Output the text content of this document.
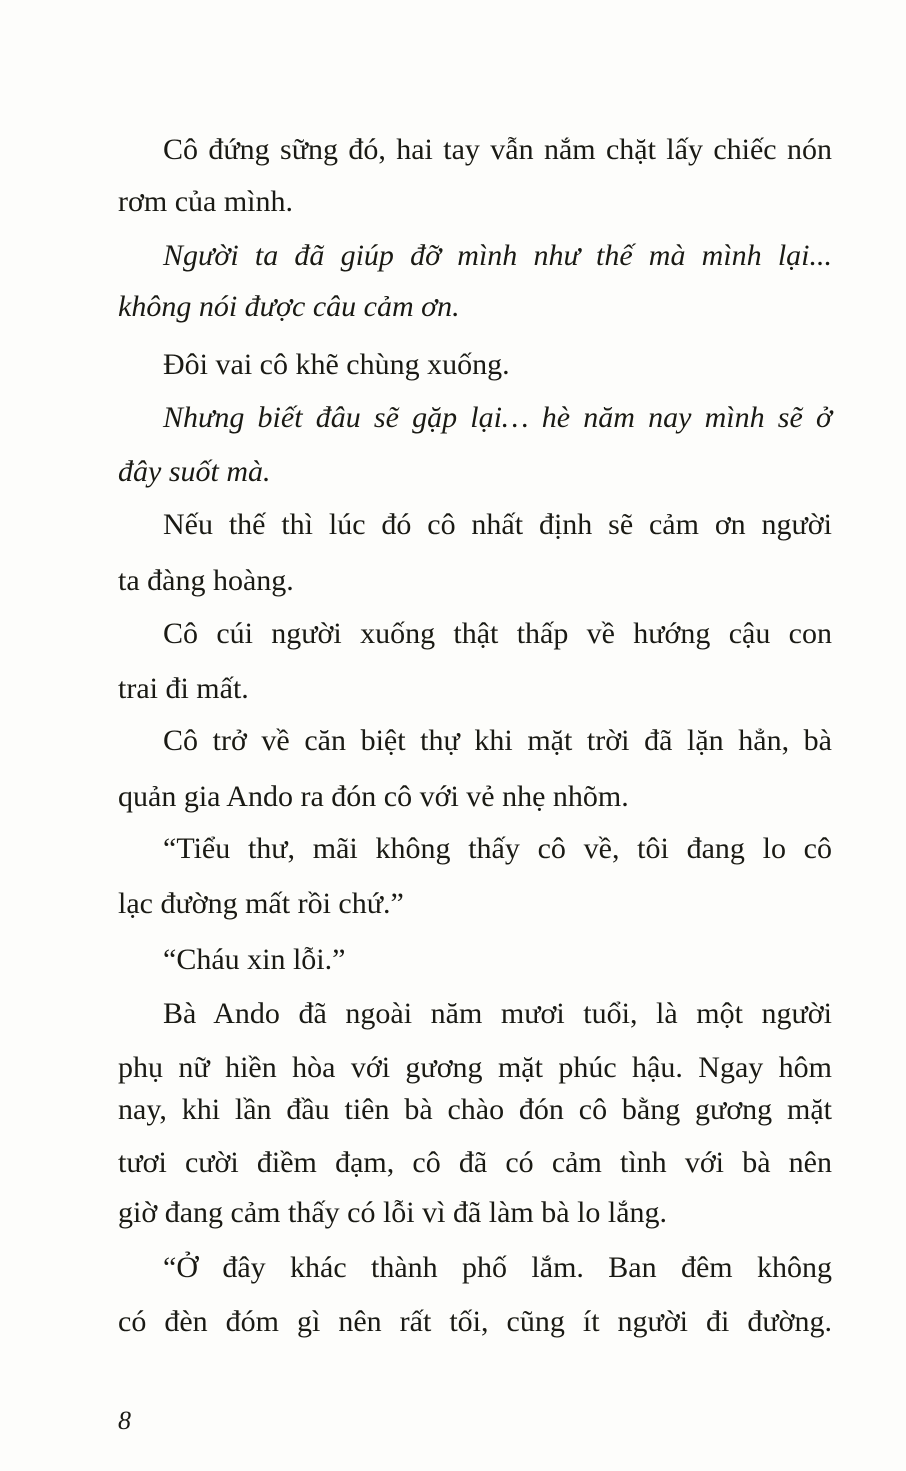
Cô đứng sững đó, hai tay vẫn nắm chặt lấy chiếc nón
rơm của mình.
Người ta đã giúp đỡ mình như thế mà mình lại...
không nói được câu cảm ơn.
Đôi vai cô khẽ chùng xuống.
Nhưng biết đâu sẽ gặp lại… hè năm nay mình sẽ ở
đây suốt mà.
Nếu thế thì lúc đó cô nhất định sẽ cảm ơn người
ta đàng hoàng.
Cô cúi người xuống thật thấp về hướng cậu con
trai đi mất.
Cô trở về căn biệt thự khi mặt trời đã lặn hẳn, bà
quản gia Ando ra đón cô với vẻ nhẹ nhõm.
“Tiểu thư, mãi không thấy cô về, tôi đang lo cô
lạc đường mất rồi chứ.”
“Cháu xin lỗi.”
Bà Ando đã ngoài năm mươi tuổi, là một người
phụ nữ hiền hòa với gương mặt phúc hậu. Ngay hôm
nay, khi lần đầu tiên bà chào đón cô bằng gương mặt
tươi cười điềm đạm, cô đã có cảm tình với bà nên
giờ đang cảm thấy có lỗi vì đã làm bà lo lắng.
“Ở đây khác thành phố lắm. Ban đêm không
có đèn đóm gì nên rất tối, cũng ít người đi đường.
8
